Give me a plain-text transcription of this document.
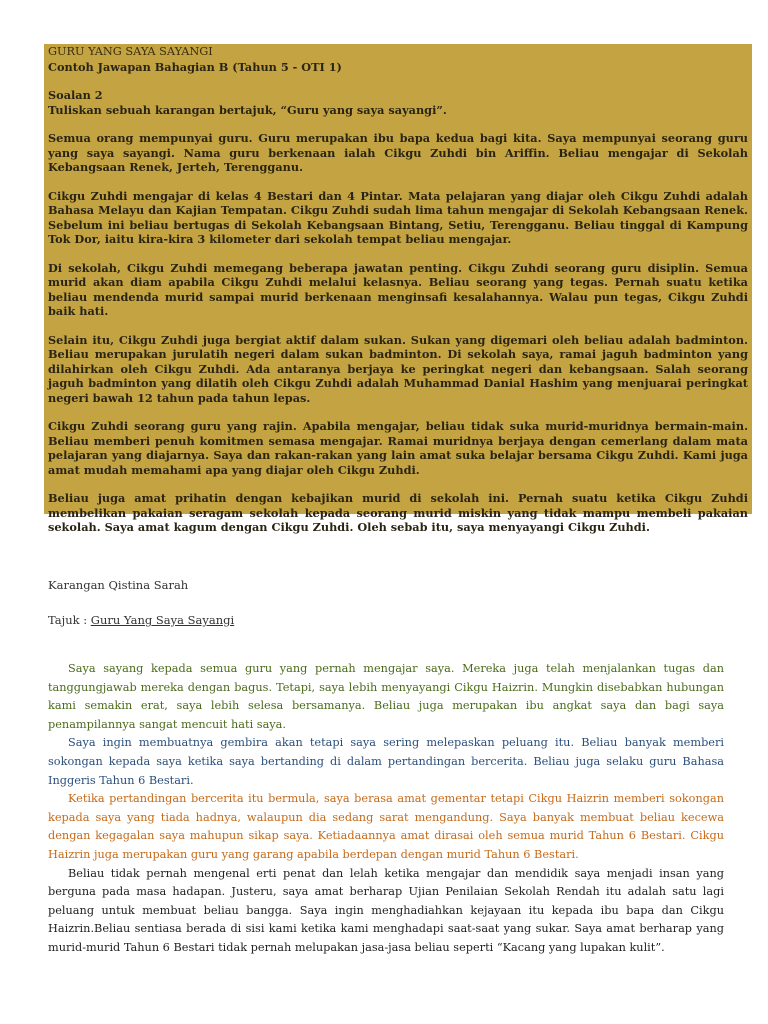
GURU YANG SAYA SAYANGI
Contoh Jawapan Bahagian B (Tahun 5 - OTI 1)
Soalan 2

Tuliskan sebuah karangan bertajuk, “Guru yang saya sayangi”.

Semua orang mempunyai guru. Guru merupakan ibu bapa kedua bagi kita. Saya mempunyai seorang guru yang saya sayangi. Nama guru berkenaan ialah Cikgu Zuhdi bin Ariffin. Beliau mengajar di Sekolah Kebangsaan Renek, Jerteh, Terengganu.

Cikgu Zuhdi mengajar di kelas 4 Bestari dan 4 Pintar. Mata pelajaran yang diajar oleh Cikgu Zuhdi adalah Bahasa Melayu dan Kajian Tempatan. Cikgu Zuhdi sudah lima tahun mengajar di Sekolah Kebangsaan Renek. Sebelum ini beliau bertugas di Sekolah Kebangsaan Bintang, Setiu, Terengganu. Beliau tinggal di Kampung Tok Dor, iaitu kira-kira 3 kilometer dari sekolah tempat beliau mengajar.

Di sekolah, Cikgu Zuhdi memegang beberapa jawatan penting. Cikgu Zuhdi seorang guru disiplin. Semua murid akan diam apabila Cikgu Zuhdi melalui kelasnya. Beliau seorang yang tegas. Pernah suatu ketika beliau mendenda murid sampai murid berkenaan menginsafi kesalahannya. Walau pun tegas, Cikgu Zuhdi baik hati.

Selain itu, Cikgu Zuhdi juga bergiat aktif dalam sukan. Sukan yang digemari oleh beliau adalah badminton. Beliau merupakan jurulatih negeri dalam sukan badminton. Di sekolah saya, ramai jaguh badminton yang dilahirkan oleh Cikgu Zuhdi. Ada antaranya berjaya ke peringkat negeri dan kebangsaan. Salah seorang jaguh badminton yang dilatih oleh Cikgu Zuhdi adalah Muhammad Danial Hashim yang menjuarai peringkat negeri bawah 12 tahun pada tahun lepas.

Cikgu Zuhdi seorang guru yang rajin. Apabila mengajar, beliau tidak suka murid-muridnya bermain-main. Beliau memberi penuh komitmen semasa mengajar. Ramai muridnya berjaya dengan cemerlang dalam mata pelajaran yang diajarnya. Saya dan rakan-rakan yang lain amat suka belajar bersama Cikgu Zuhdi. Kami juga amat mudah memahami apa yang diajar oleh Cikgu Zuhdi.

Beliau juga amat prihatin dengan kebajikan murid di sekolah ini. Pernah suatu ketika Cikgu Zuhdi membelikan pakaian seragam sekolah kepada seorang murid miskin yang tidak mampu membeli pakaian sekolah. Saya amat kagum dengan Cikgu Zuhdi. Oleh sebab itu, saya menyayangi Cikgu Zuhdi.

Karangan Qistina Sarah
Tajuk : Guru Yang Saya Sayangi

Saya sayang kepada semua guru yang pernah mengajar saya. Mereka juga telah menjalankan tugas dan tanggungjawab mereka dengan bagus. Tetapi, saya lebih menyayangi Cikgu Haizrin. Mungkin disebabkan hubungan kami semakin erat, saya lebih selesa bersamanya. Beliau juga merupakan ibu angkat saya dan bagi saya penampilannya sangat mencuit hati saya.

Saya ingin membuatnya gembira akan tetapi saya sering melepaskan peluang itu. Beliau banyak memberi sokongan kepada saya ketika saya bertanding di dalam pertandingan bercerita. Beliau juga selaku guru Bahasa Inggeris Tahun 6 Bestari.

Ketika pertandingan bercerita itu bermula, saya berasa amat gementar tetapi Cikgu Haizrin memberi sokongan kepada saya yang tiada hadnya, walaupun dia sedang sarat mengandung. Saya banyak membuat beliau kecewa dengan kegagalan saya mahupun sikap saya. Ketiadaannya amat dirasai oleh semua murid Tahun 6 Bestari. Cikgu Haizrin juga merupakan guru yang garang apabila berdepan dengan murid Tahun 6 Bestari.

Beliau tidak pernah mengenal erti penat dan lelah ketika mengajar dan mendidik saya menjadi insan yang berguna pada masa hadapan. Justeru, saya amat berharap Ujian Penilaian Sekolah Rendah itu adalah satu lagi peluang untuk membuat beliau bangga. Saya ingin menghadiahkan kejayaan itu kepada ibu bapa dan Cikgu Haizrin.Beliau sentiasa berada di sisi kami ketika kami menghadapi saat-saat yang sukar. Saya amat berharap yang murid-murid Tahun 6 Bestari tidak pernah melupakan jasa-jasa beliau seperti “Kacang yang lupakan kulit”.
